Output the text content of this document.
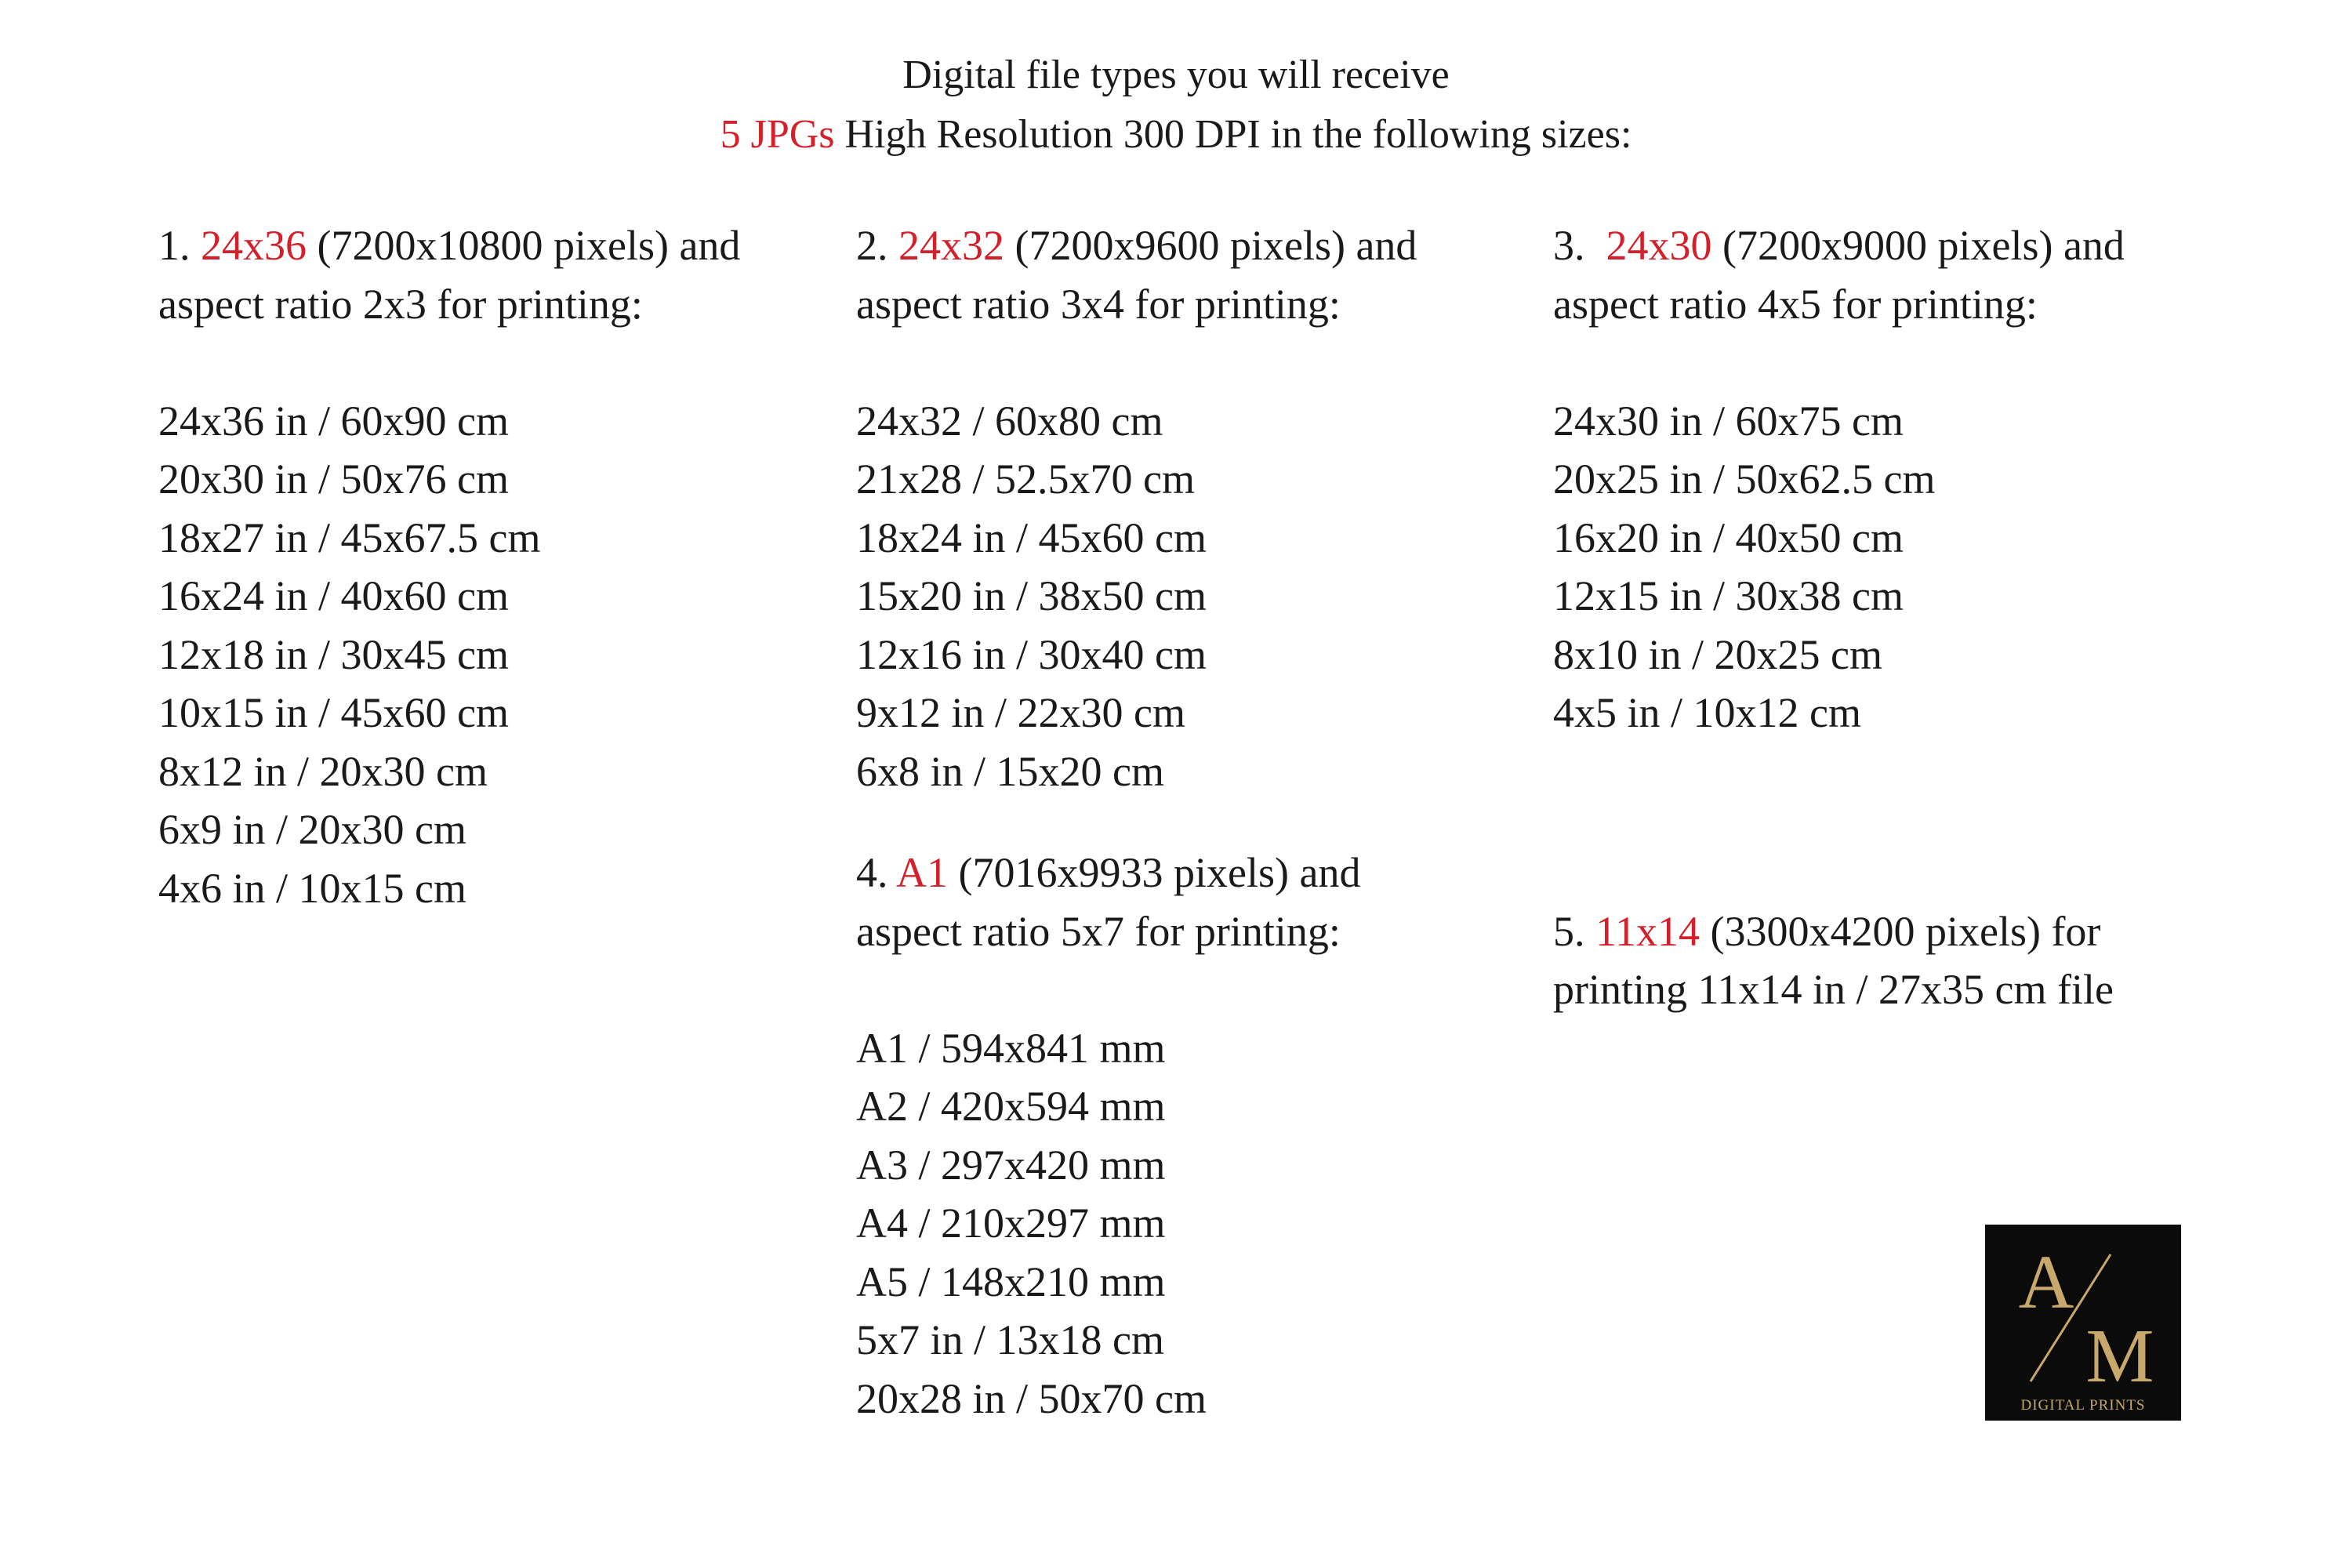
Digital file types you will receive
5 JPGs High Resolution 300 DPI in the following sizes:
1. 24x36 (7200x10800 pixels) and
aspect ratio 2x3 for printing:
24x36 in / 60x90 cm
20x30 in / 50x76 cm
18x27 in / 45x67.5 cm
16x24 in / 40x60 cm
12x18 in / 30x45 cm
10x15 in / 45x60 cm
8x12 in / 20x30 cm
6x9 in / 20x30 cm
4x6 in / 10x15 cm
2. 24x32 (7200x9600 pixels) and
aspect ratio 3x4 for printing:
24x32 / 60x80 cm
21x28 / 52.5x70 cm
18x24 in / 45x60 cm
15x20 in / 38x50 cm
12x16 in / 30x40 cm
9x12 in / 22x30 cm
6x8 in / 15x20 cm
4. A1 (7016x9933 pixels) and
aspect ratio 5x7 for printing:
A1 / 594x841 mm
A2 / 420x594 mm
A3 / 297x420 mm
A4 / 210x297 mm
A5 / 148x210 mm
5x7 in / 13x18 cm
20x28 in / 50x70 cm
3. 24x30 (7200x9000 pixels) and
aspect ratio 4x5 for printing:
24x30 in / 60x75 cm
20x25 in / 50x62.5 cm
16x20 in / 40x50 cm
12x15 in / 30x38 cm
8x10 in / 20x25 cm
4x5 in / 10x12 cm
5. 11x14 (3300x4200 pixels) for
printing 11x14 in / 27x35 cm file
A
M
DIGITAL PRINTS
